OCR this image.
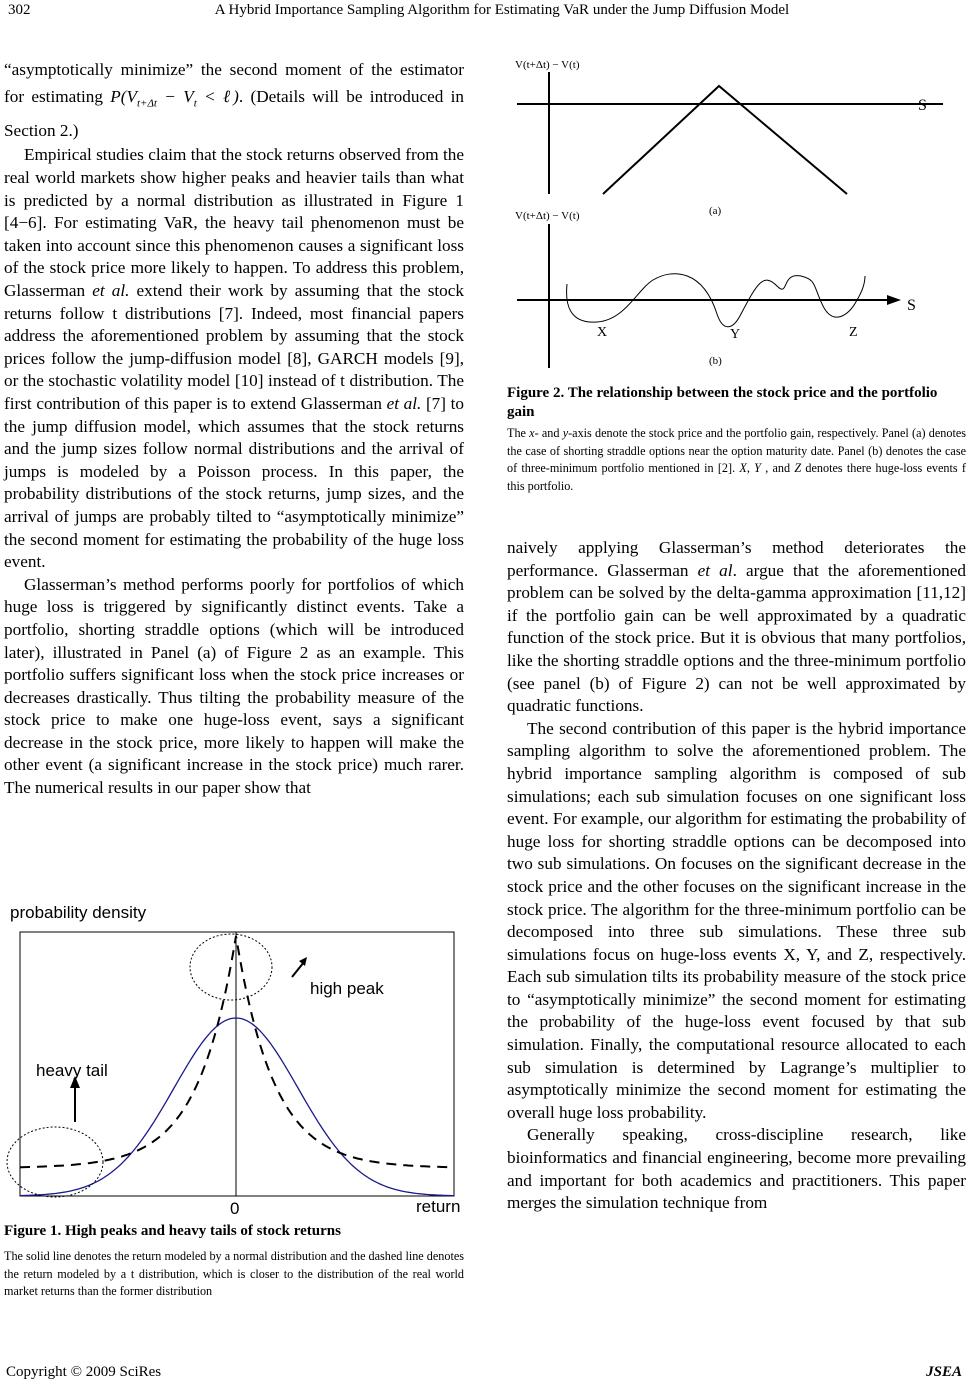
302	A Hybrid Importance Sampling Algorithm for Estimating VaR under the Jump Diffusion Model

“asymptotically minimize” the second moment of the estimator for estimating $P(V_{t+\Delta t} - V_t$ < ℓ). (Details will be introduced in Section 2.)

Empirical studies claim that the stock returns observed from the real world markets show higher peaks and heavier tails than what is predicted by a normal distribution as illustrated in Figure 1 [4−6]. For estimating VaR, the heavy tail phenomenon must be taken into account since this phenomenon causes a significant loss of the stock price more likely to happen. To address this problem, Glasserman et al. extend their work by assuming that the stock returns follow t distributions [7]. Indeed, most financial papers address the aforementioned problem by assuming that the stock prices follow the jump-diffusion model [8], GARCH models [9], or the stochastic volatility model [10] instead of t distribution. The first contribution of this paper is to extend Glasserman et al. [7] to the jump diffusion model, which assumes that the stock returns and the jump sizes follow normal distributions and the arrival of jumps is modeled by a Poisson process. In this paper, the probability distributions of the stock returns, jump sizes, and the arrival of jumps are probably tilted to “asymptotically minimize” the second moment for estimating the probability of the huge loss event.

Glasserman’s method performs poorly for portfolios of which huge loss is triggered by significantly distinct events. Take a portfolio, shorting straddle options (which will be introduced later), illustrated in Panel (a) of Figure 2 as an example. This portfolio suffers significant loss when the stock price increases or decreases drastically. Thus tilting the probability measure of the stock price to make one huge-loss event, says a significant decrease in the stock price, more likely to happen will make the other event (a significant increase in the stock price) much rarer. The numerical results in our paper show that

probability density
high peak
heavy tail
0	return
Figure 1. High peaks and heavy tails of stock returns
The solid line denotes the return modeled by a normal distribution and the dashed line denotes the return modeled by a t distribution, which is closer to the distribution of the real world market returns than the former distribution
V(t+Δt) − V(t)
S
(a)
V(t+Δt) − V(t)
S
X	Y	Z
(b)
Figure 2. The relationship between the stock price and the portfolio gain
The x- and y-axis denote the stock price and the portfolio gain, respectively. Panel (a) denotes the case of shorting straddle options near the option maturity date. Panel (b) denotes the case of three-minimum portfolio mentioned in [2]. X, Y , and Z denotes there huge-loss events f this portfolio.

naively applying Glasserman’s method deteriorates the performance. Glasserman et al. argue that the aforementioned problem can be solved by the delta-gamma approximation [11,12] if the portfolio gain can be well approximated by a quadratic function of the stock price. But it is obvious that many portfolios, like the shorting straddle options and the three-minimum portfolio (see panel (b) of Figure 2) can not be well approximated by quadratic functions.

The second contribution of this paper is the hybrid importance sampling algorithm to solve the aforementioned problem. The hybrid importance sampling algorithm is composed of sub simulations; each sub simulation focuses on one significant loss event. For example, our algorithm for estimating the probability of huge loss for shorting straddle options can be decomposed into two sub simulations. On focuses on the significant decrease in the stock price and the other focuses on the significant increase in the stock price. The algorithm for the three-minimum portfolio can be decomposed into three sub simulations. These three sub simulations focus on huge-loss events X, Y, and Z, respectively. Each sub simulation tilts its probability measure of the stock price to “asymptotically minimize” the second moment for estimating the probability of the huge-loss event focused by that sub simulation. Finally, the computational resource allocated to each sub simulation is determined by Lagrange’s multiplier to asymptotically minimize the second moment for estimating the overall huge loss probability.

Generally speaking, cross-discipline research, like bioinformatics and financial engineering, become more prevailing and important for both academics and practitioners. This paper merges the simulation technique from

Copyright © 2009 SciRes	JSEA
